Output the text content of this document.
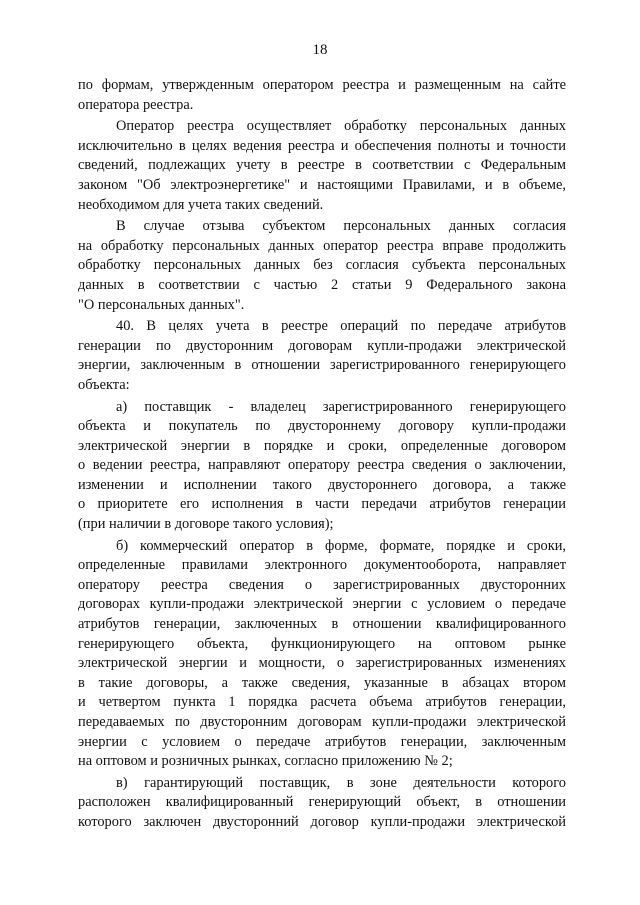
18
по формам, утвержденным оператором реестра и размещенным на сайте
оператора реестра.
Оператор реестра осуществляет обработку персональных данных
исключительно в целях ведения реестра и обеспечения полноты и точности
сведений, подлежащих учету в реестре в соответствии с Федеральным
законом "Об электроэнергетике" и настоящими Правилами, и в объеме,
необходимом для учета таких сведений.
В случае отзыва субъектом персональных данных согласия
на обработку персональных данных оператор реестра вправе продолжить
обработку персональных данных без согласия субъекта персональных
данных в соответствии с частью 2 статьи 9 Федерального закона
"О персональных данных".
40. В целях учета в реестре операций по передаче атрибутов
генерации по двусторонним договорам купли-продажи электрической
энергии, заключенным в отношении зарегистрированного генерирующего
объекта:
а) поставщик - владелец зарегистрированного генерирующего
объекта и покупатель по двустороннему договору купли-продажи
электрической энергии в порядке и сроки, определенные договором
о ведении реестра, направляют оператору реестра сведения о заключении,
изменении и исполнении такого двустороннего договора, а также
о приоритете его исполнения в части передачи атрибутов генерации
(при наличии в договоре такого условия);
б) коммерческий оператор в форме, формате, порядке и сроки,
определенные правилами электронного документооборота, направляет
оператору реестра сведения о зарегистрированных двусторонних
договорах купли-продажи электрической энергии с условием о передаче
атрибутов генерации, заключенных в отношении квалифицированного
генерирующего объекта, функционирующего на оптовом рынке
электрической энергии и мощности, о зарегистрированных изменениях
в такие договоры, а также сведения, указанные в абзацах втором
и четвертом пункта 1 порядка расчета объема атрибутов генерации,
передаваемых по двусторонним договорам купли-продажи электрической
энергии с условием о передаче атрибутов генерации, заключенным
на оптовом и розничных рынках, согласно приложению № 2;
в) гарантирующий поставщик, в зоне деятельности которого
расположен квалифицированный генерирующий объект, в отношении
которого заключен двусторонний договор купли-продажи электрической
